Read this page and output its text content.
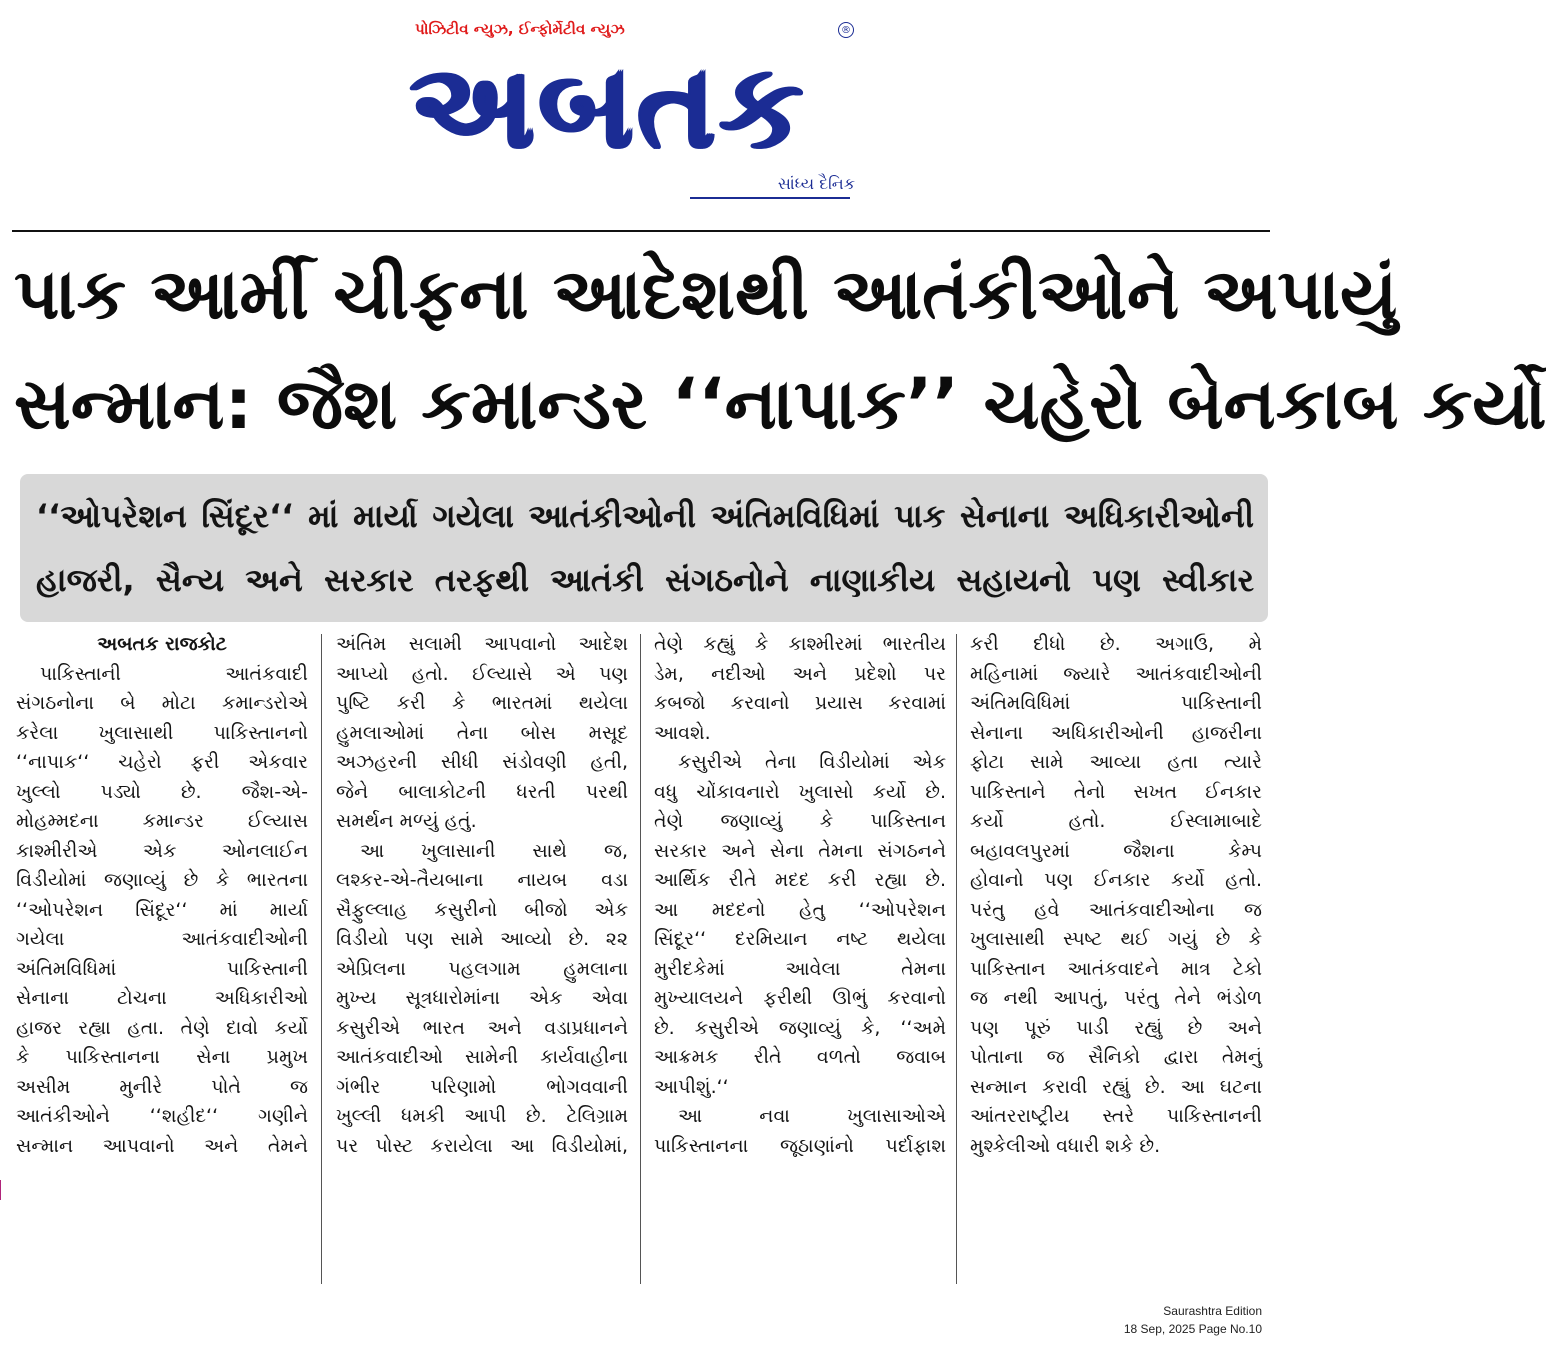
પોઝિટીવ ન્યુઝ, ઈન્ફોર્મેટીવ ન્યુઝ	®
અબતક
સાંધ્ય દૈનિક
પાક આર્મી ચીફના આદેશથી આતંકીઓને અપાયું
સન્માન: જૈશ કમાન્ડર ‘‘નાપાક’’ ચહેરો બેનકાબ કર્યો
‘‘ઓપરેશન સિંદૂર‘‘ માં માર્યા ગયેલા આતંકીઓની અંતિમવિધિમાં પાક સેનાના અધિકારીઓની
હાજરી, સૈન્ય અને સરકાર તરફથી આતંકી સંગઠનોને નાણાકીય સહાયનો પણ સ્વીકાર
અબતક રાજકોટ
પાકિસ્તાની આતંકવાદી
સંગઠનોના બે મોટા કમાન્ડરોએ
કરેલા ખુલાસાથી પાકિસ્તાનનો
‘‘નાપાક‘‘ ચહેરો ફરી એકવાર
ખુલ્લો પડ્યો છે. જૈશ-એ-
મોહમ્મદના કમાન્ડર ઈલ્યાસ
કાશ્મીરીએ એક ઓનલાઈન
વિડીયોમાં જણાવ્યું છે કે ભારતના
‘‘ઓપરેશન સિંદૂર‘‘ માં માર્યા
ગયેલા આતંકવાદીઓની
અંતિમવિધિમાં પાકિસ્તાની
સેનાના ટોચના અધિકારીઓ
હાજર રહ્યા હતા. તેણે દાવો કર્યો
કે પાકિસ્તાનના સેના પ્રમુખ
અસીમ મુનીરે પોતે જ
આતંકીઓને ‘‘શહીદ‘‘ ગણીને
સન્માન આપવાનો અને તેમને
અંતિમ સલામી આપવાનો આદેશ
આપ્યો હતો. ઈલ્યાસે એ પણ
પુષ્ટિ કરી કે ભારતમાં થયેલા
હુમલાઓમાં તેના બોસ મસૂદ
અઝહરની સીધી સંડોવણી હતી,
જેને બાલાકોટની ધરતી પરથી
સમર્થન મળ્યું હતું.
આ ખુલાસાની સાથે જ,
લશ્કર-એ-તૈયબાના નાયબ વડા
સૈફુલ્લાહ કસુરીનો બીજો એક
વિડીયો પણ સામે આવ્યો છે. ૨૨
એપ્રિલના પહલગામ હુમલાના
મુખ્ય સૂત્રધારોમાંના એક એવા
કસુરીએ ભારત અને વડાપ્રધાનને
આતંકવાદીઓ સામેની કાર્યવાહીના
ગંભીર પરિણામો ભોગવવાની
ખુલ્લી ધમકી આપી છે. ટેલિગ્રામ
પર પોસ્ટ કરાયેલા આ વિડીયોમાં,
તેણે કહ્યું કે કાશ્મીરમાં ભારતીય
ડેમ, નદીઓ અને પ્રદેશો પર
કબજો કરવાનો પ્રયાસ કરવામાં
આવશે.
કસુરીએ તેના વિડીયોમાં એક
વધુ ચોંકાવનારો ખુલાસો કર્યો છે.
તેણે જણાવ્યું કે પાકિસ્તાન
સરકાર અને સેના તેમના સંગઠનને
આર્થિક રીતે મદદ કરી રહ્યા છે.
આ મદદનો હેતુ ‘‘ઓપરેશન
સિંદૂર‘‘ દરમિયાન નષ્ટ થયેલા
મુરીદકેમાં આવેલા તેમના
મુખ્યાલયને ફરીથી ઊભું કરવાનો
છે. કસુરીએ જણાવ્યું કે, ‘‘અમે
આક્રમક રીતે વળતો જવાબ
આપીશું.‘‘
આ નવા ખુલાસાઓએ
પાકિસ્તાનના જૂઠાણાંનો પર્દાફાશ
કરી દીધો છે. અગાઉ, મે
મહિનામાં જ્યારે આતંકવાદીઓની
અંતિમવિધિમાં પાકિસ્તાની
સેનાના અધિકારીઓની હાજરીના
ફોટા સામે આવ્યા હતા ત્યારે
પાકિસ્તાને તેનો સખત ઈનકાર
કર્યો હતો. ઈસ્લામાબાદે
બહાવલપુરમાં જૈશના કેમ્પ
હોવાનો પણ ઈનકાર કર્યો હતો.
પરંતુ હવે આતંકવાદીઓના જ
ખુલાસાથી સ્પષ્ટ થઈ ગયું છે કે
પાકિસ્તાન આતંકવાદને માત્ર ટેકો
જ નથી આપતું, પરંતુ તેને ભંડોળ
પણ પૂરું પાડી રહ્યું છે અને
પોતાના જ સૈનિકો દ્વારા તેમનું
સન્માન કરાવી રહ્યું છે. આ ઘટના
આંતરરાષ્ટ્રીય સ્તરે પાકિસ્તાનની
મુશ્કેલીઓ વધારી શકે છે.
Saurashtra Edition
18 Sep, 2025 Page No.10
